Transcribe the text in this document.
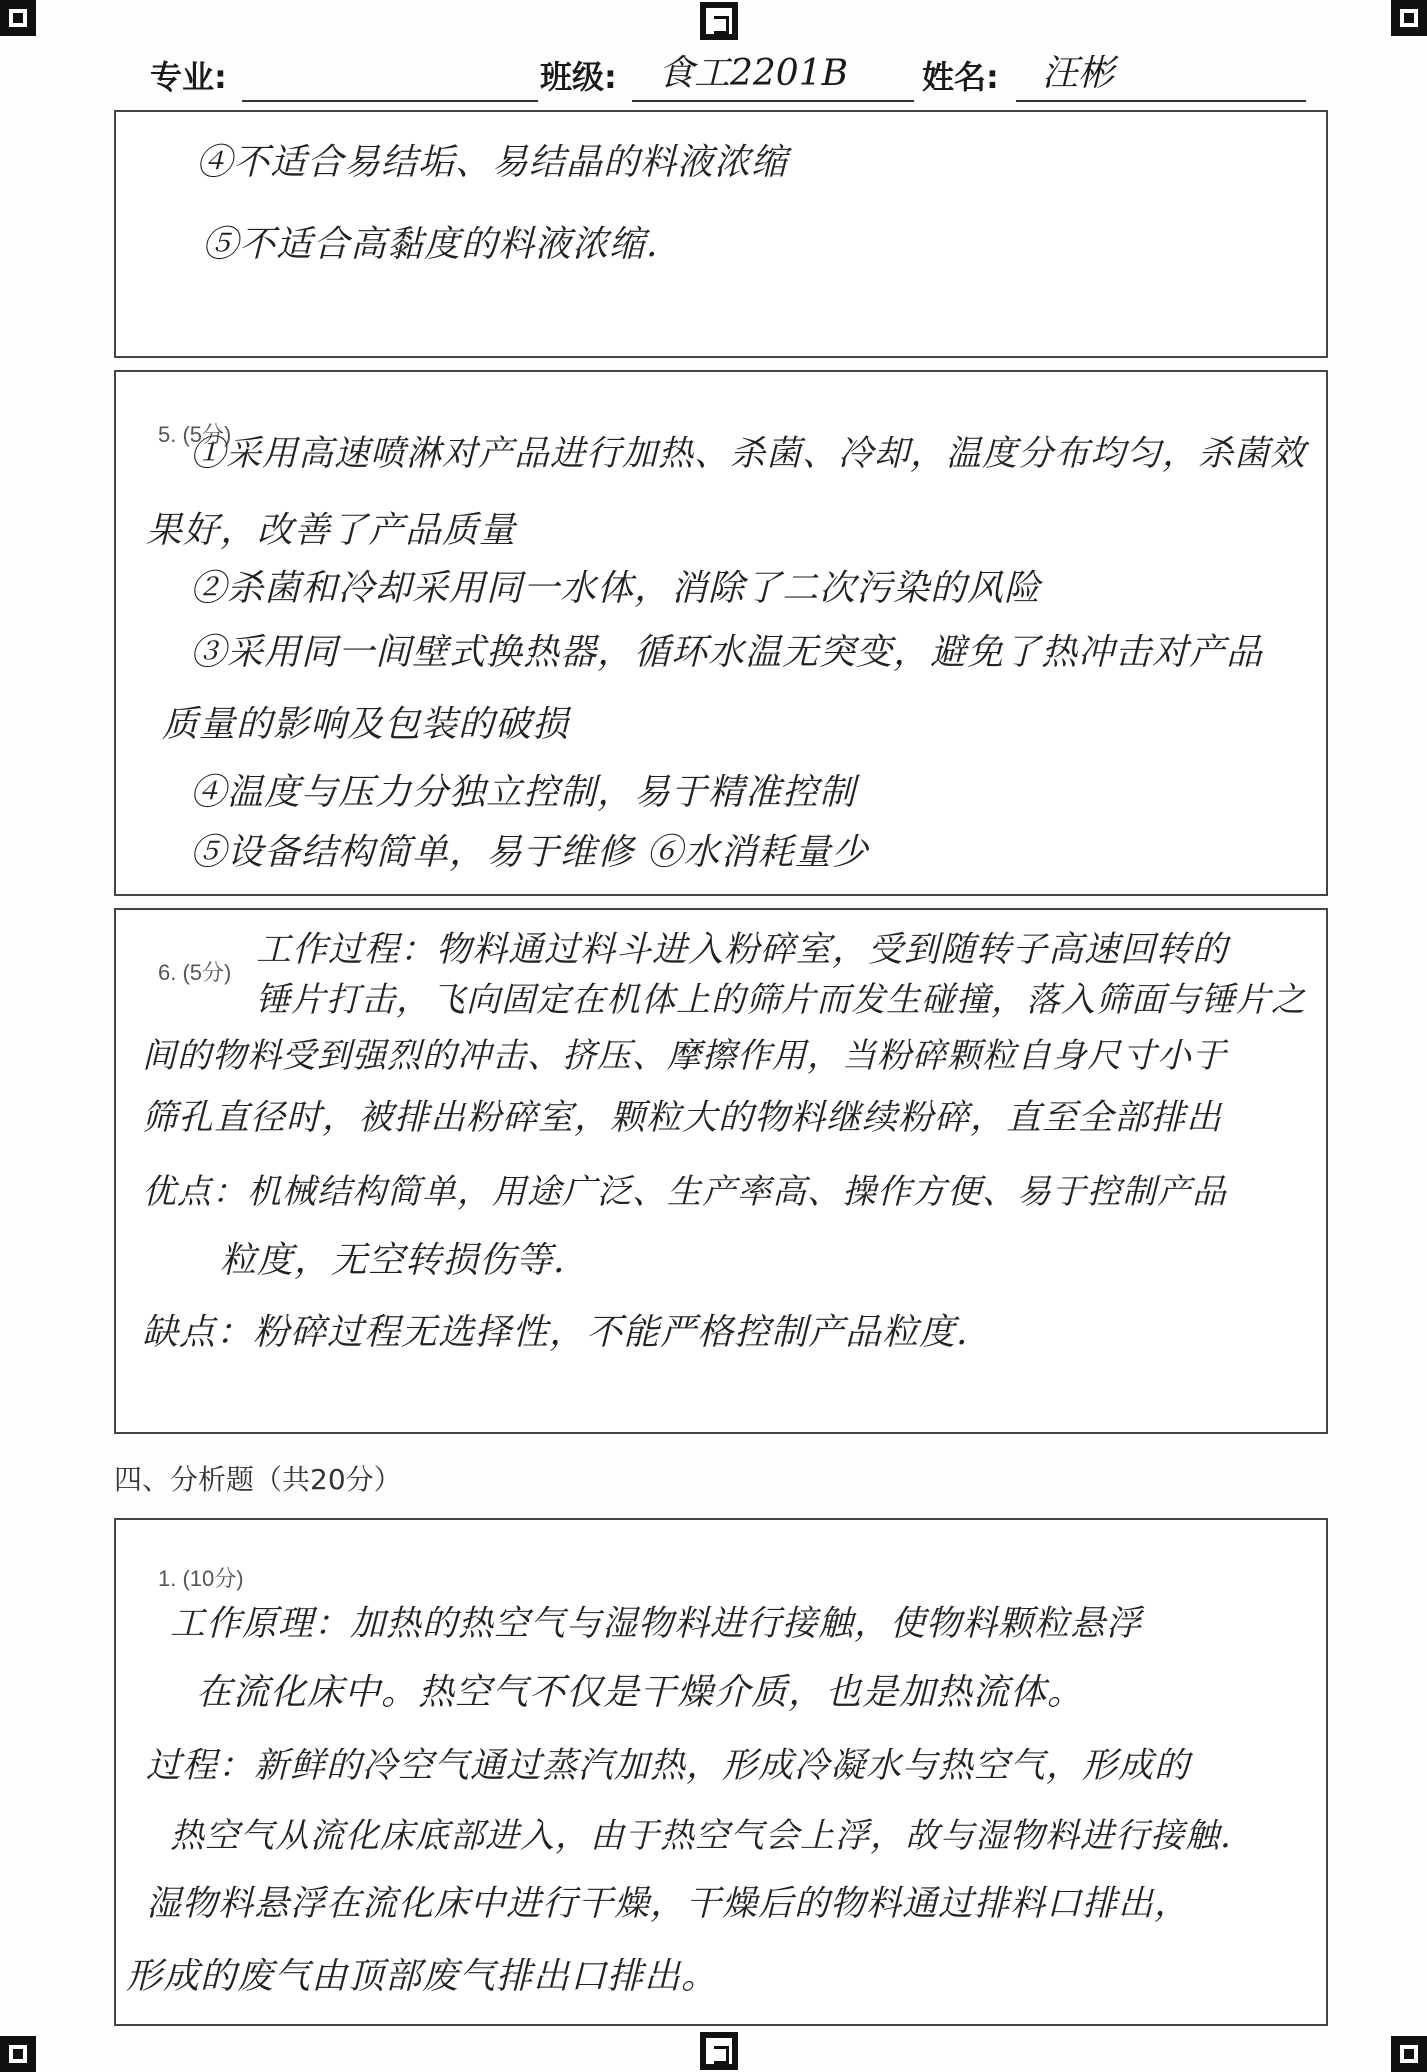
专业:	班级: 食工2201B 姓名: 汪彬
④不适合易结垢、易结晶的料液浓缩
⑤不适合高黏度的料液浓缩.
5. (5分)
①采用高速喷淋对产品进行加热、杀菌、冷却，温度分布均匀，杀菌效
果好，改善了产品质量
②杀菌和冷却采用同一水体，消除了二次污染的风险
③采用同一间壁式换热器，循环水温无突变，避免了热冲击对产品
质量的影响及包装的破损
④温度与压力分独立控制，易于精准控制
⑤设备结构简单，易于维修 ⑥水消耗量少
6. (5分)
工作过程：物料通过料斗进入粉碎室，受到随转子高速回转的
锤片打击，飞向固定在机体上的筛片而发生碰撞，落入筛面与锤片之
间的物料受到强烈的冲击、挤压、摩擦作用，当粉碎颗粒自身尺寸小于
筛孔直径时，被排出粉碎室，颗粒大的物料继续粉碎，直至全部排出
优点：机械结构简单，用途广泛、生产率高、操作方便、易于控制产品
粒度，无空转损伤等.
缺点：粉碎过程无选择性，不能严格控制产品粒度.
四、分析题（共20分）
1. (10分)
工作原理：加热的热空气与湿物料进行接触，使物料颗粒悬浮
在流化床中。热空气不仅是干燥介质，也是加热流体。
过程：新鲜的冷空气通过蒸汽加热，形成冷凝水与热空气，形成的
热空气从流化床底部进入，由于热空气会上浮，故与湿物料进行接触.
湿物料悬浮在流化床中进行干燥，干燥后的物料通过排料口排出，
形成的废气由顶部废气排出口排出。
